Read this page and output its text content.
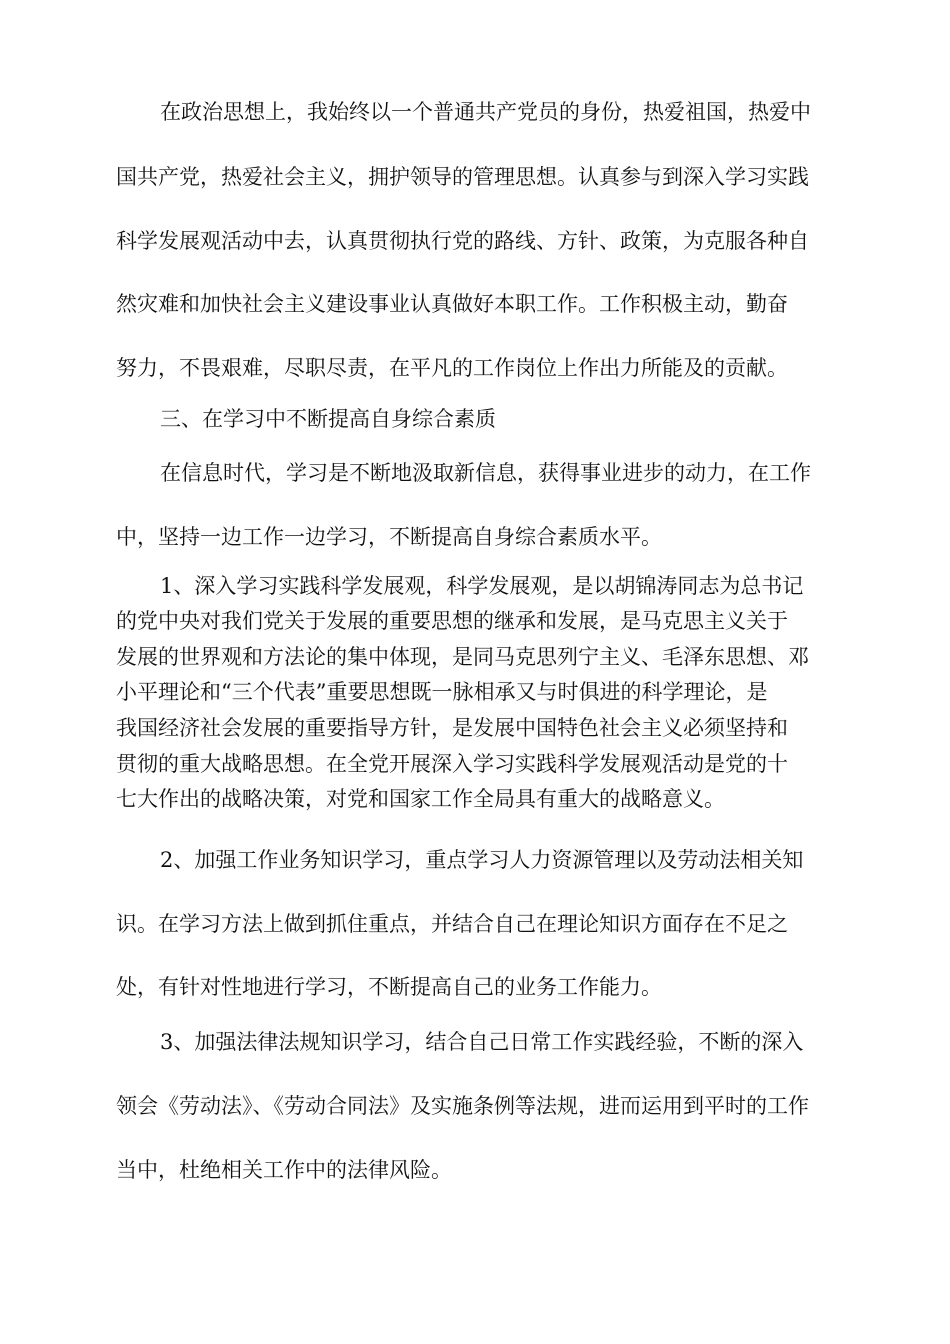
在政治思想上，我始终以一个普通共产党员的身份，热爱祖国，热爱中

国共产党，热爱社会主义，拥护领导的管理思想。认真参与到深入学习实践

科学发展观活动中去，认真贯彻执行党的路线、方针、政策，为克服各种自

然灾难和加快社会主义建设事业认真做好本职工作。工作积极主动，勤奋

努力，不畏艰难，尽职尽责，在平凡的工作岗位上作出力所能及的贡献。

三、在学习中不断提高自身综合素质

在信息时代，学习是不断地汲取新信息，获得事业进步的动力，在工作

中，坚持一边工作一边学习，不断提高自身综合素质水平。

1、深入学习实践科学发展观，科学发展观，是以胡锦涛同志为总书记

的党中央对我们党关于发展的重要思想的继承和发展，是马克思主义关于

发展的世界观和方法论的集中体现，是同马克思列宁主义、毛泽东思想、邓

小平理论和“三个代表”重要思想既一脉相承又与时俱进的科学理论，是

我国经济社会发展的重要指导方针，是发展中国特色社会主义必须坚持和

贯彻的重大战略思想。在全党开展深入学习实践科学发展观活动是党的十

七大作出的战略决策，对党和国家工作全局具有重大的战略意义。

2、加强工作业务知识学习，重点学习人力资源管理以及劳动法相关知

识。在学习方法上做到抓住重点，并结合自己在理论知识方面存在不足之

处，有针对性地进行学习，不断提高自己的业务工作能力。

3、加强法律法规知识学习，结合自己日常工作实践经验，不断的深入

领会《劳动法》、《劳动合同法》及实施条例等法规，进而运用到平时的工作

当中，杜绝相关工作中的法律风险。
